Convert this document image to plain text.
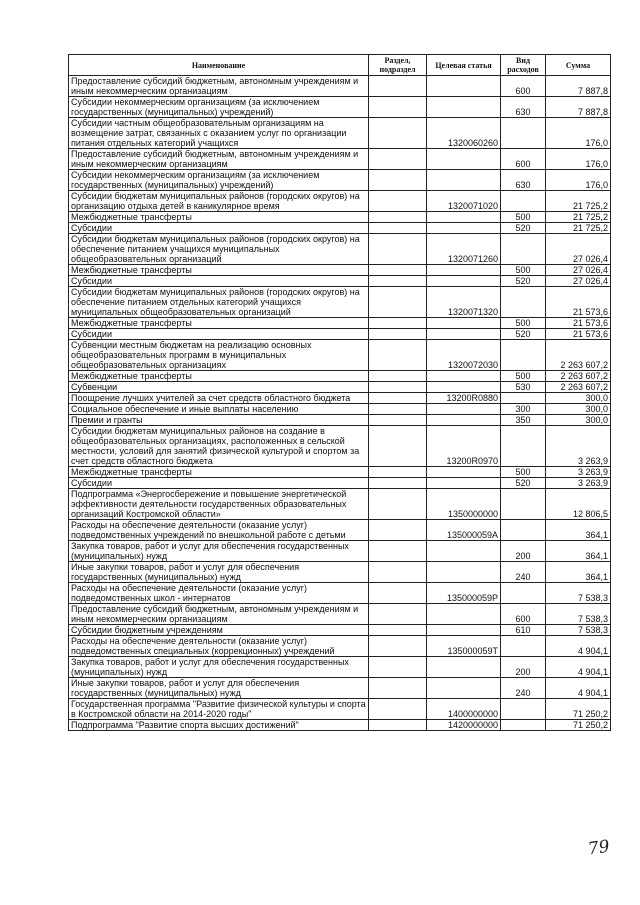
Наименование	Раздел, подраздел	Целевая статья	Вид расходов	Сумма
Предоставление субсидий бюджетным, автономным учреждениям и иным некоммерческим организациям			600	7 887,8
Субсидии некоммерческим организациям (за исключением государственных (муниципальных) учреждений)			630	7 887,8
Субсидии частным общеобразовательным организациям на возмещение затрат, связанных с оказанием услуг по организации питания отдельных категорий учащихся		1320060260		176,0
Предоставление субсидий бюджетным, автономным учреждениям и иным некоммерческим организациям			600	176,0
Субсидии некоммерческим организациям (за исключением государственных (муниципальных) учреждений)			630	176,0
Субсидии бюджетам муниципальных районов (городских округов) на организацию отдыха детей в каникулярное время		1320071020		21 725,2
Межбюджетные трансферты			500	21 725,2
Субсидии			520	21 725,2
Субсидии бюджетам муниципальных районов (городских округов) на обеспечение питанием учащихся муниципальных общеобразовательных организаций		1320071260		27 026,4
Межбюджетные трансферты			500	27 026,4
Субсидии			520	27 026,4
Субсидии бюджетам муниципальных районов (городских округов) на обеспечение питанием отдельных категорий учащихся муниципальных общеобразовательных организаций		1320071320		21 573,6
Межбюджетные трансферты			500	21 573,6
Субсидии			520	21 573,6
Субвенции местным бюджетам на реализацию основных общеобразовательных программ в муниципальных общеобразовательных организациях		1320072030		2 263 607,2
Межбюджетные трансферты			500	2 263 607,2
Субвенции			530	2 263 607,2
Поощрение лучших учителей за счет средств областного бюджета		13200R0880		300,0
Социальное обеспечение и иные выплаты населению			300	300,0
Премии и гранты			350	300,0
Субсидии бюджетам муниципальных районов на создание в общеобразовательных организациях, расположенных в сельской местности, условий для занятий физической культурой и спортом за счет средств областного бюджета		13200R0970		3 263,9
Межбюджетные трансферты			500	3 263,9
Субсидии			520	3 263,9
Подпрограмма «Энергосбережение и повышение энергетической эффективности деятельности государственных образовательных организаций Костромской области»		1350000000		12 806,5
Расходы на обеспечение деятельности (оказание услуг) подведомственных учреждений по внешкольной работе с детьми		135000059А		364,1
Закупка товаров, работ и услуг для обеспечения государственных (муниципальных) нужд			200	364,1
Иные закупки товаров, работ и услуг для обеспечения государственных (муниципальных) нужд			240	364,1
Расходы на обеспечение деятельности (оказание услуг) подведомственных школ - интернатов		135000059Р		7 538,3
Предоставление субсидий бюджетным, автономным учреждениям и иным некоммерческим организациям			600	7 538,3
Субсидии бюджетным учреждениям			610	7 538,3
Расходы на обеспечение деятельности (оказание услуг) подведомственных специальных (коррекционных) учреждений		135000059Т		4 904,1
Закупка товаров, работ и услуг для обеспечения государственных (муниципальных) нужд			200	4 904,1
Иные закупки товаров, работ и услуг для обеспечения государственных (муниципальных) нужд			240	4 904,1
Государственная программа "Развитие физической культуры и спорта в Костромской области на 2014-2020 годы"		1400000000		71 250,2
Подпрограмма "Развитие спорта высших достижений"		1420000000		71 250,2
79
